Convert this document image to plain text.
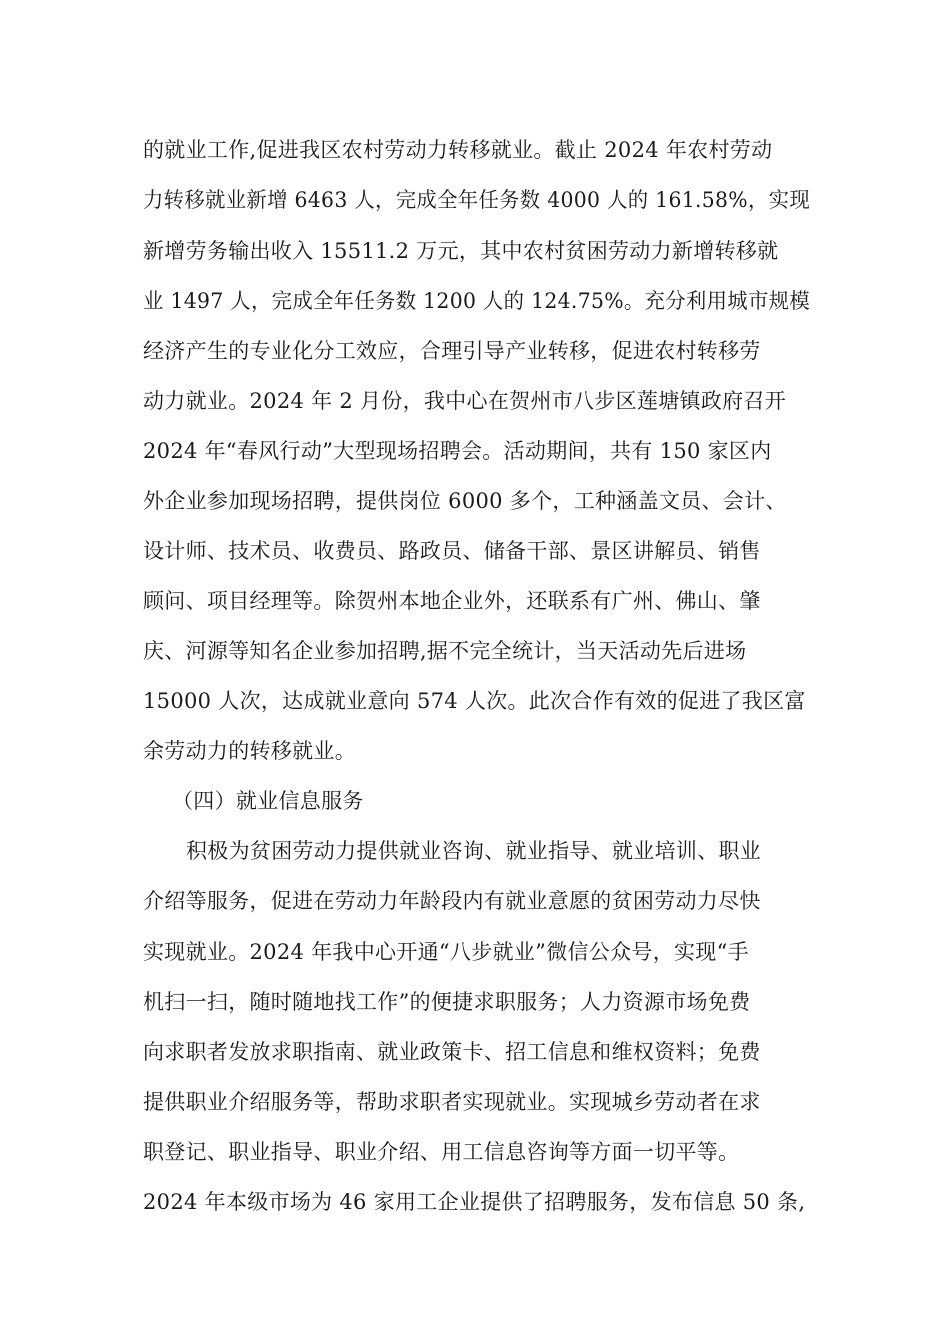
的就业工作,促进我区农村劳动力转移就业。截止 2024 年农村劳动
力转移就业新增 6463 人，完成全年任务数 4000 人的 161.58%，实现
新增劳务输出收入 15511.2 万元，其中农村贫困劳动力新增转移就
业 1497 人，完成全年任务数 1200 人的 124.75%。充分利用城市规模
经济产生的专业化分工效应，合理引导产业转移，促进农村转移劳
动力就业。2024 年 2 月份，我中心在贺州市八步区莲塘镇政府召开
2024 年“春风行动”大型现场招聘会。活动期间，共有 150 家区内
外企业参加现场招聘，提供岗位 6000 多个，工种涵盖文员、会计、
设计师、技术员、收费员、路政员、储备干部、景区讲解员、销售
顾问、项目经理等。除贺州本地企业外，还联系有广州、佛山、肇
庆、河源等知名企业参加招聘,据不完全统计，当天活动先后进场
15000 人次，达成就业意向 574 人次。此次合作有效的促进了我区富
余劳动力的转移就业。
（四）就业信息服务
积极为贫困劳动力提供就业咨询、就业指导、就业培训、职业
介绍等服务，促进在劳动力年龄段内有就业意愿的贫困劳动力尽快
实现就业。2024 年我中心开通“八步就业”微信公众号，实现“手
机扫一扫，随时随地找工作”的便捷求职服务；人力资源市场免费
向求职者发放求职指南、就业政策卡、招工信息和维权资料；免费
提供职业介绍服务等，帮助求职者实现就业。实现城乡劳动者在求
职登记、职业指导、职业介绍、用工信息咨询等方面一切平等。
2024 年本级市场为 46 家用工企业提供了招聘服务，发布信息 50 条,
